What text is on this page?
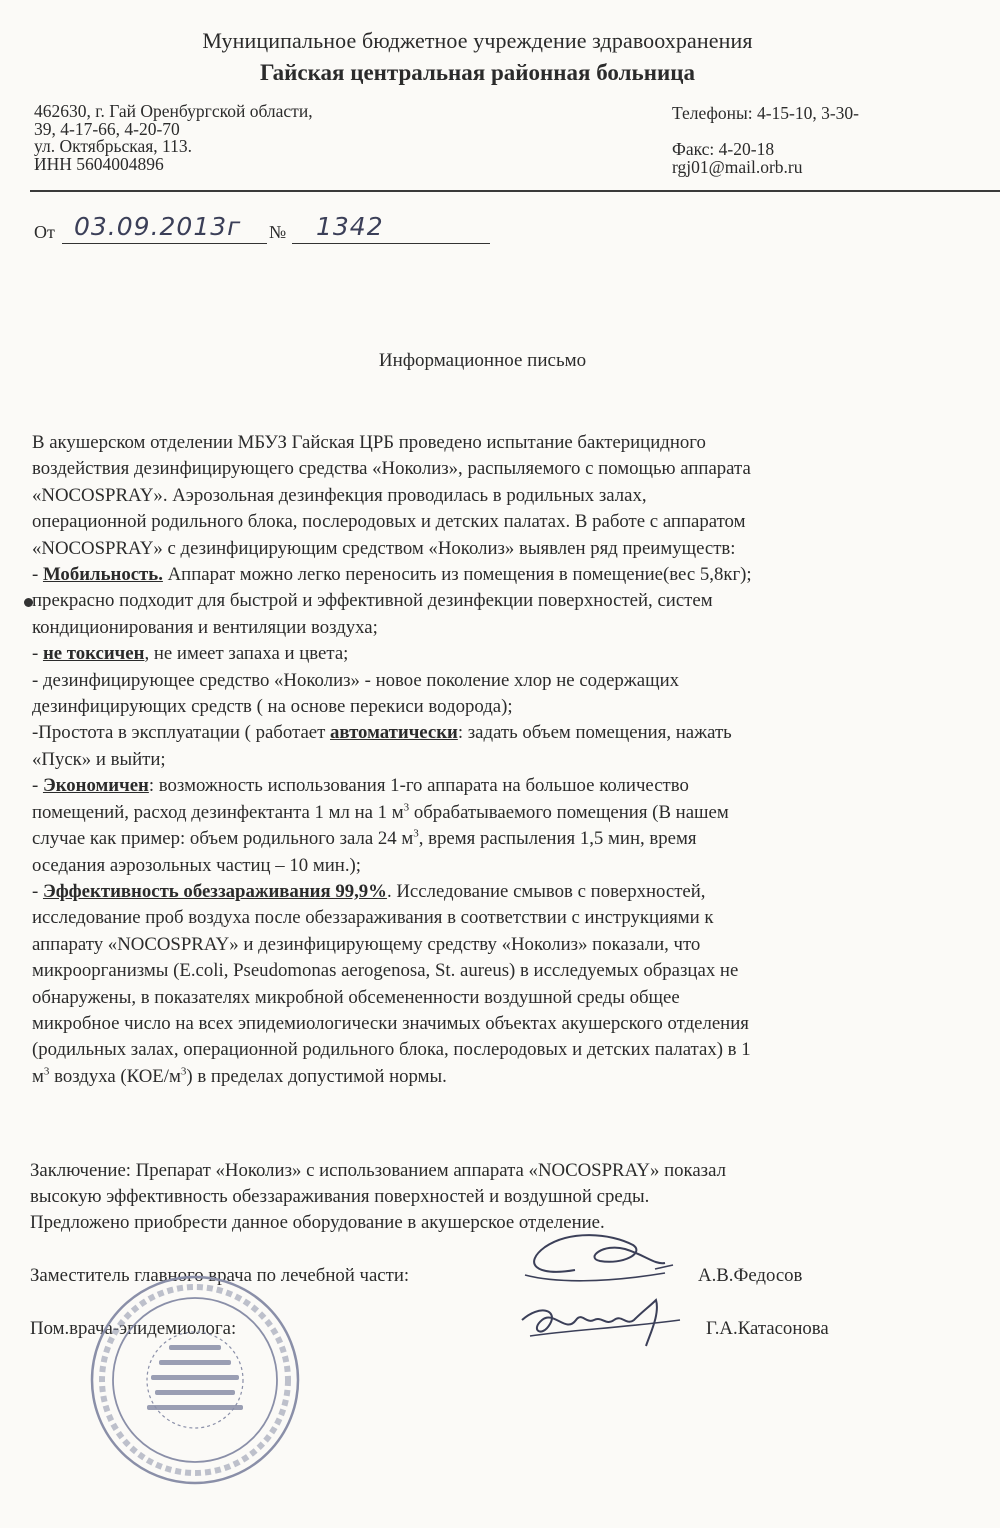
Муниципальное бюджетное учреждение здравоохранения
Гайская центральная районная больница
462630, г. Гай Оренбургской области,
39, 4-17-66, 4-20-70
ул. Октябрьская, 113.
ИНН 5604004896
Телефоны: 4-15-10, 3-30-
Факс: 4-20-18
rgj01@mail.orb.ru
От 03.09.2013г № 1342
Информационное письмо

В акушерском отделении МБУЗ Гайская ЦРБ проведено испытание бактерицидного

воздействия дезинфицирующего средства «Ноколиз», распыляемого с помощью аппарата

«NOCOSPRAY». Аэрозольная дезинфекция проводилась в родильных залах,

операционной родильного блока, послеродовых и детских палатах. В работе с аппаратом

«NOCOSPRAY» с дезинфицирующим средством «Ноколиз» выявлен ряд преимуществ:

- Мобильность. Аппарат можно легко переносить из помещения в помещение(вес 5,8кг);

прекрасно подходит для быстрой и эффективной дезинфекции поверхностей, систем

кондиционирования и вентиляции воздуха;

- не токсичен, не имеет запаха и цвета;

- дезинфицирующее средство «Ноколиз» - новое поколение хлор не содержащих

дезинфицирующих средств ( на основе перекиси водорода);

-Простота в эксплуатации ( работает автоматически: задать объем помещения, нажать

«Пуск» и выйти;

- Экономичен: возможность использования 1-го аппарата на большое количество

помещений, расход дезинфектанта 1 мл на 1 $м^3$ обрабатываемого помещения (В нашем

случае как пример: объем родильного зала 24 $м^3$, время распыления 1,5 мин, время

оседания аэрозольных частиц – 10 мин.);

- Эффективность обеззараживания 99,9%. Исследование смывов с поверхностей,

исследование проб воздуха после обеззараживания в соответствии с инструкциями к

аппарату «NOCOSPRAY» и дезинфицирующему средству «Ноколиз» показали, что

микроорганизмы (E.coli, Pseudomonas aerogenosa, St. aureus) в исследуемых образцах не

обнаружены, в показателях микробной обсемененности воздушной среды общее

микробное число на всех эпидемиологически значимых объектах акушерского отделения

(родильных залах, операционной родильного блока, послеродовых и детских палатах) в 1

$м^3$ воздуха $(КОЕ/м^3)$ в пределах допустимой нормы.

Заключение: Препарат «Ноколиз» с использованием аппарата «NOCOSPRAY» показал

высокую эффективность обеззараживания поверхностей и воздушной среды.

Предложено приобрести данное оборудование в акушерское отделение.

Заместитель главного врача по лечебной части:	А.В.Федосов
Пом.врача-эпидемиолога:	Г.А.Катасонова
